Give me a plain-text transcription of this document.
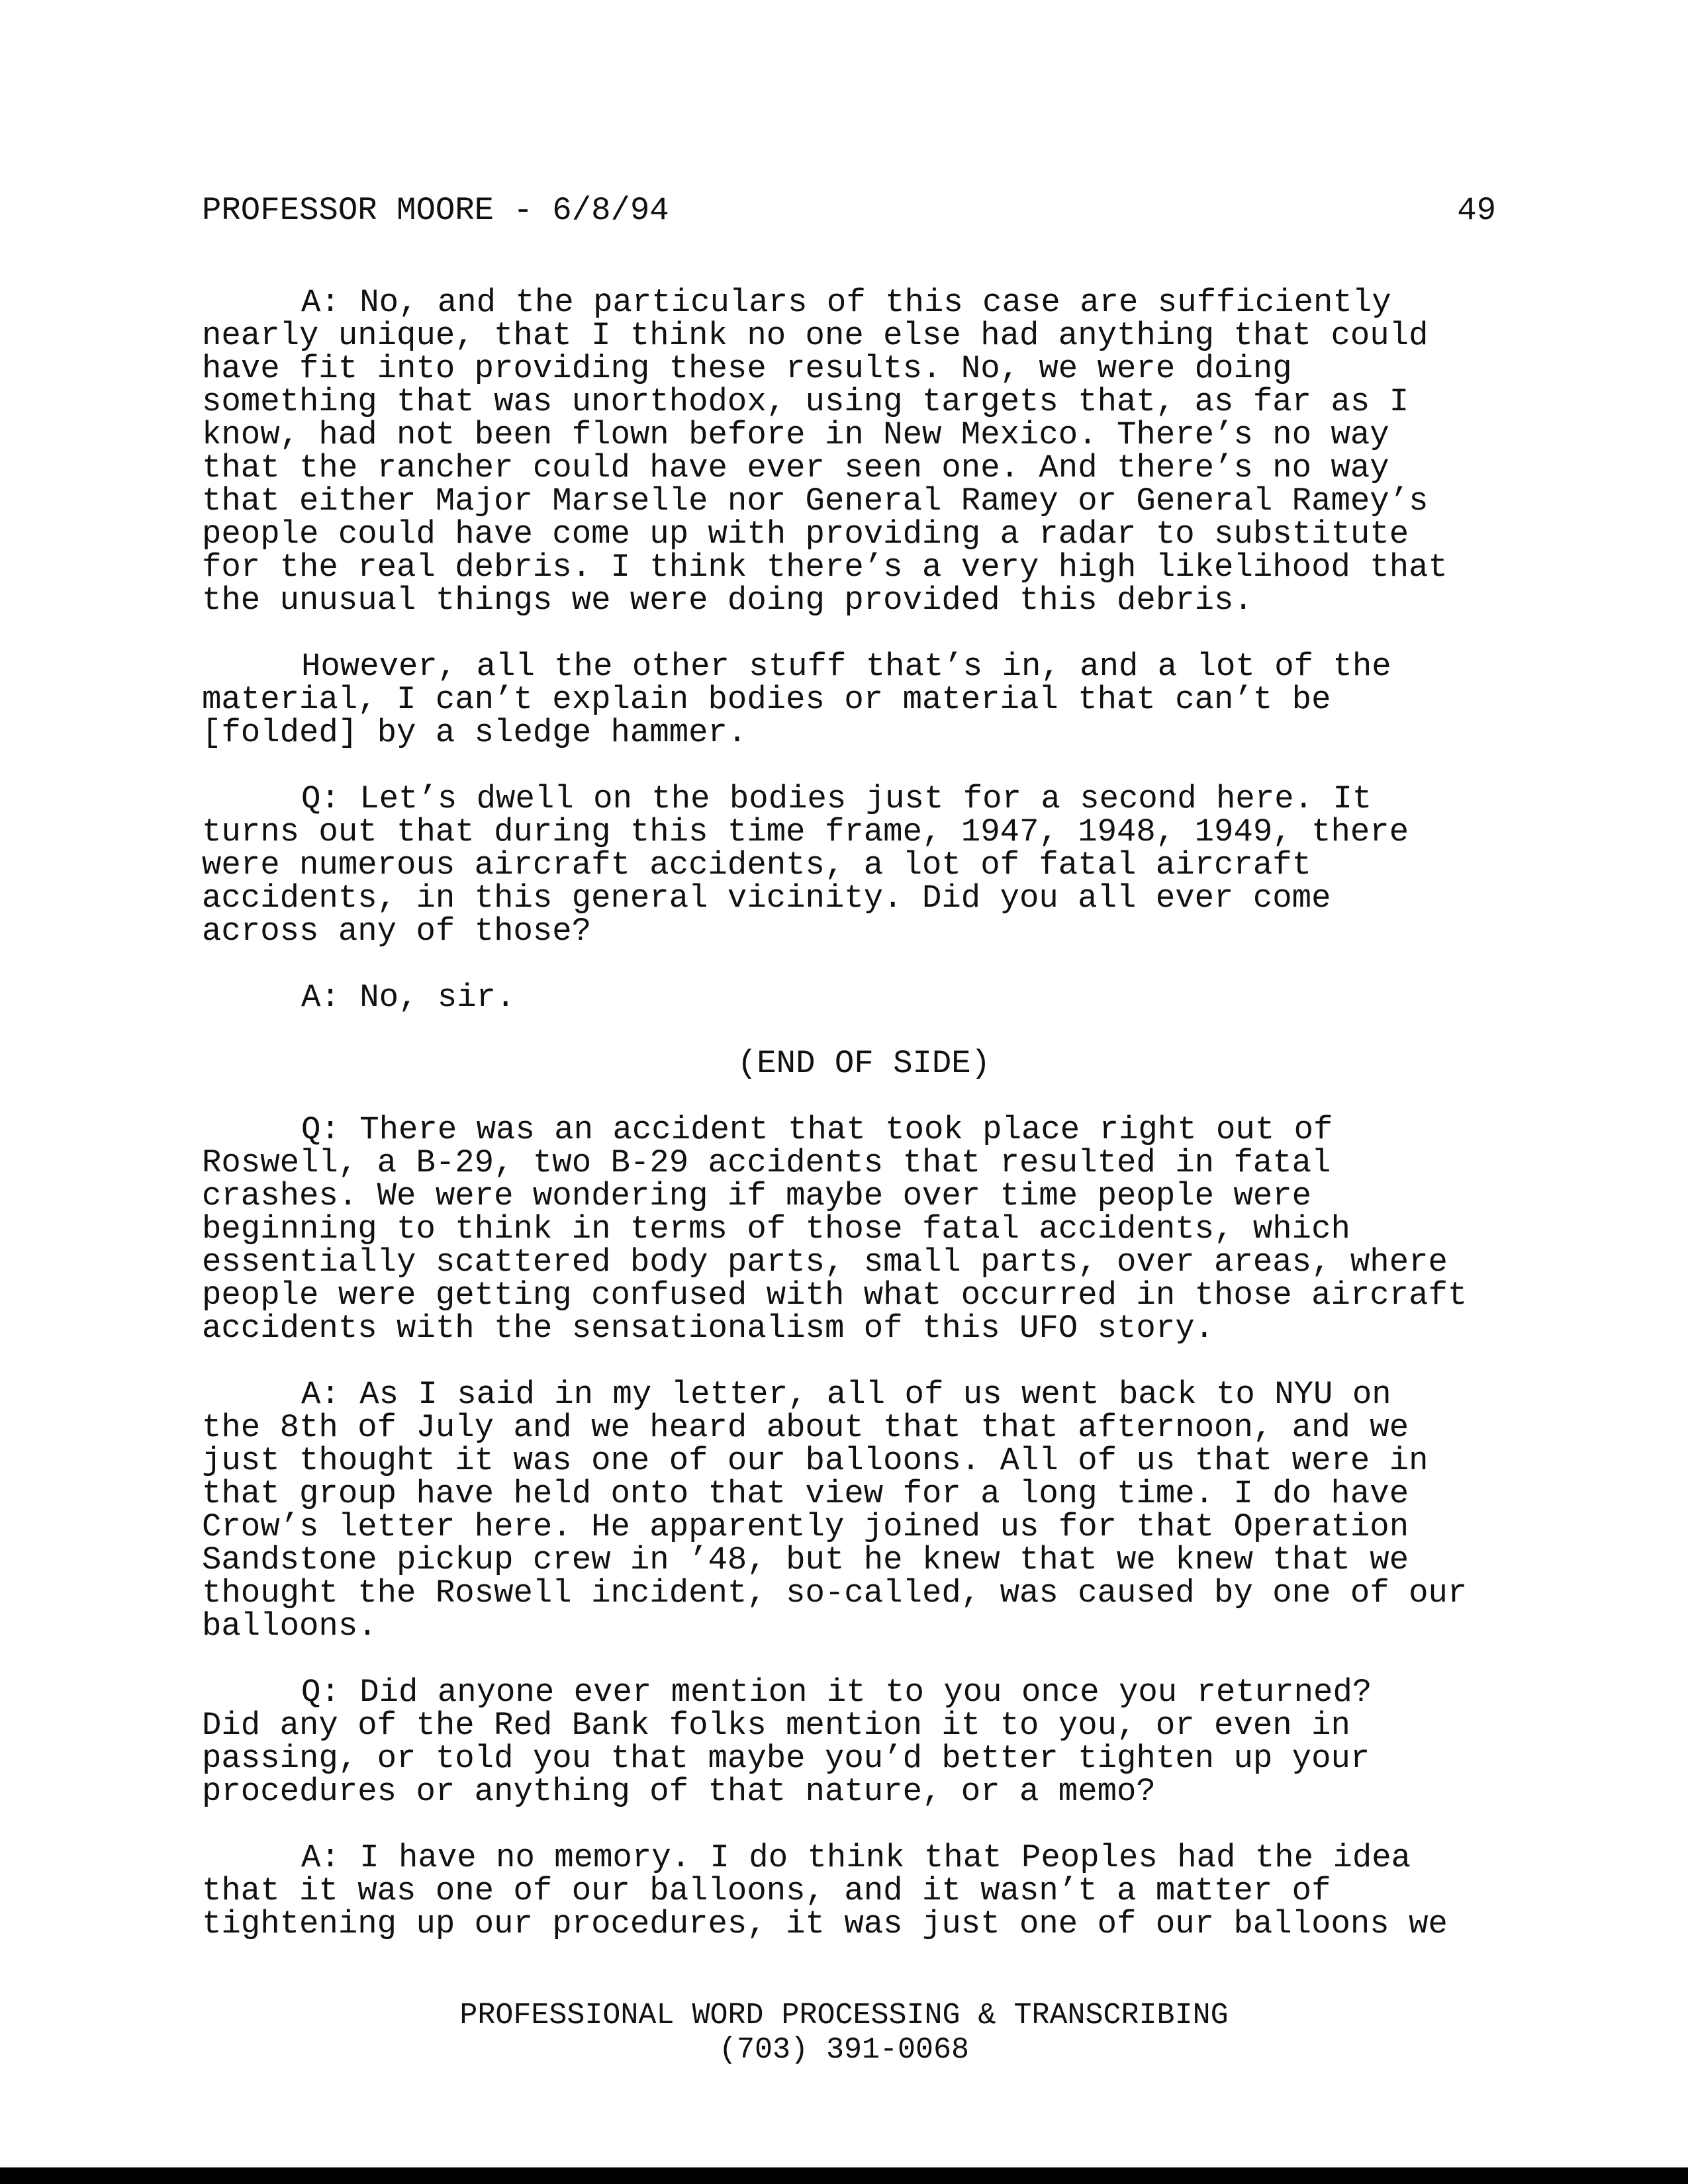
PROFESSOR MOORE - 6/8/94	49

A: No, and the particulars of this case are sufficiently
nearly unique, that I think no one else had anything that could
have fit into providing these results. No, we were doing
something that was unorthodox, using targets that, as far as I
know, had not been flown before in New Mexico. There’s no way
that the rancher could have ever seen one. And there’s no way
that either Major Marselle nor General Ramey or General Ramey’s
people could have come up with providing a radar to substitute
for the real debris. I think there’s a very high likelihood that
the unusual things we were doing provided this debris.

However, all the other stuff that’s in, and a lot of the
material, I can’t explain bodies or material that can’t be
[folded] by a sledge hammer.

Q: Let’s dwell on the bodies just for a second here. It
turns out that during this time frame, 1947, 1948, 1949, there
were numerous aircraft accidents, a lot of fatal aircraft
accidents, in this general vicinity. Did you all ever come
across any of those?

A: No, sir.

(END OF SIDE)

Q: There was an accident that took place right out of
Roswell, a B-29, two B-29 accidents that resulted in fatal
crashes. We were wondering if maybe over time people were
beginning to think in terms of those fatal accidents, which
essentially scattered body parts, small parts, over areas, where
people were getting confused with what occurred in those aircraft
accidents with the sensationalism of this UFO story.

A: As I said in my letter, all of us went back to NYU on
the 8th of July and we heard about that that afternoon, and we
just thought it was one of our balloons. All of us that were in
that group have held onto that view for a long time. I do have
Crow’s letter here. He apparently joined us for that Operation
Sandstone pickup crew in ’48, but he knew that we knew that we
thought the Roswell incident, so-called, was caused by one of our
balloons.

Q: Did anyone ever mention it to you once you returned?
Did any of the Red Bank folks mention it to you, or even in
passing, or told you that maybe you’d better tighten up your
procedures or anything of that nature, or a memo?

A: I have no memory. I do think that Peoples had the idea
that it was one of our balloons, and it wasn’t a matter of
tightening up our procedures, it was just one of our balloons we

PROFESSIONAL WORD PROCESSING & TRANSCRIBING
(703) 391-0068
